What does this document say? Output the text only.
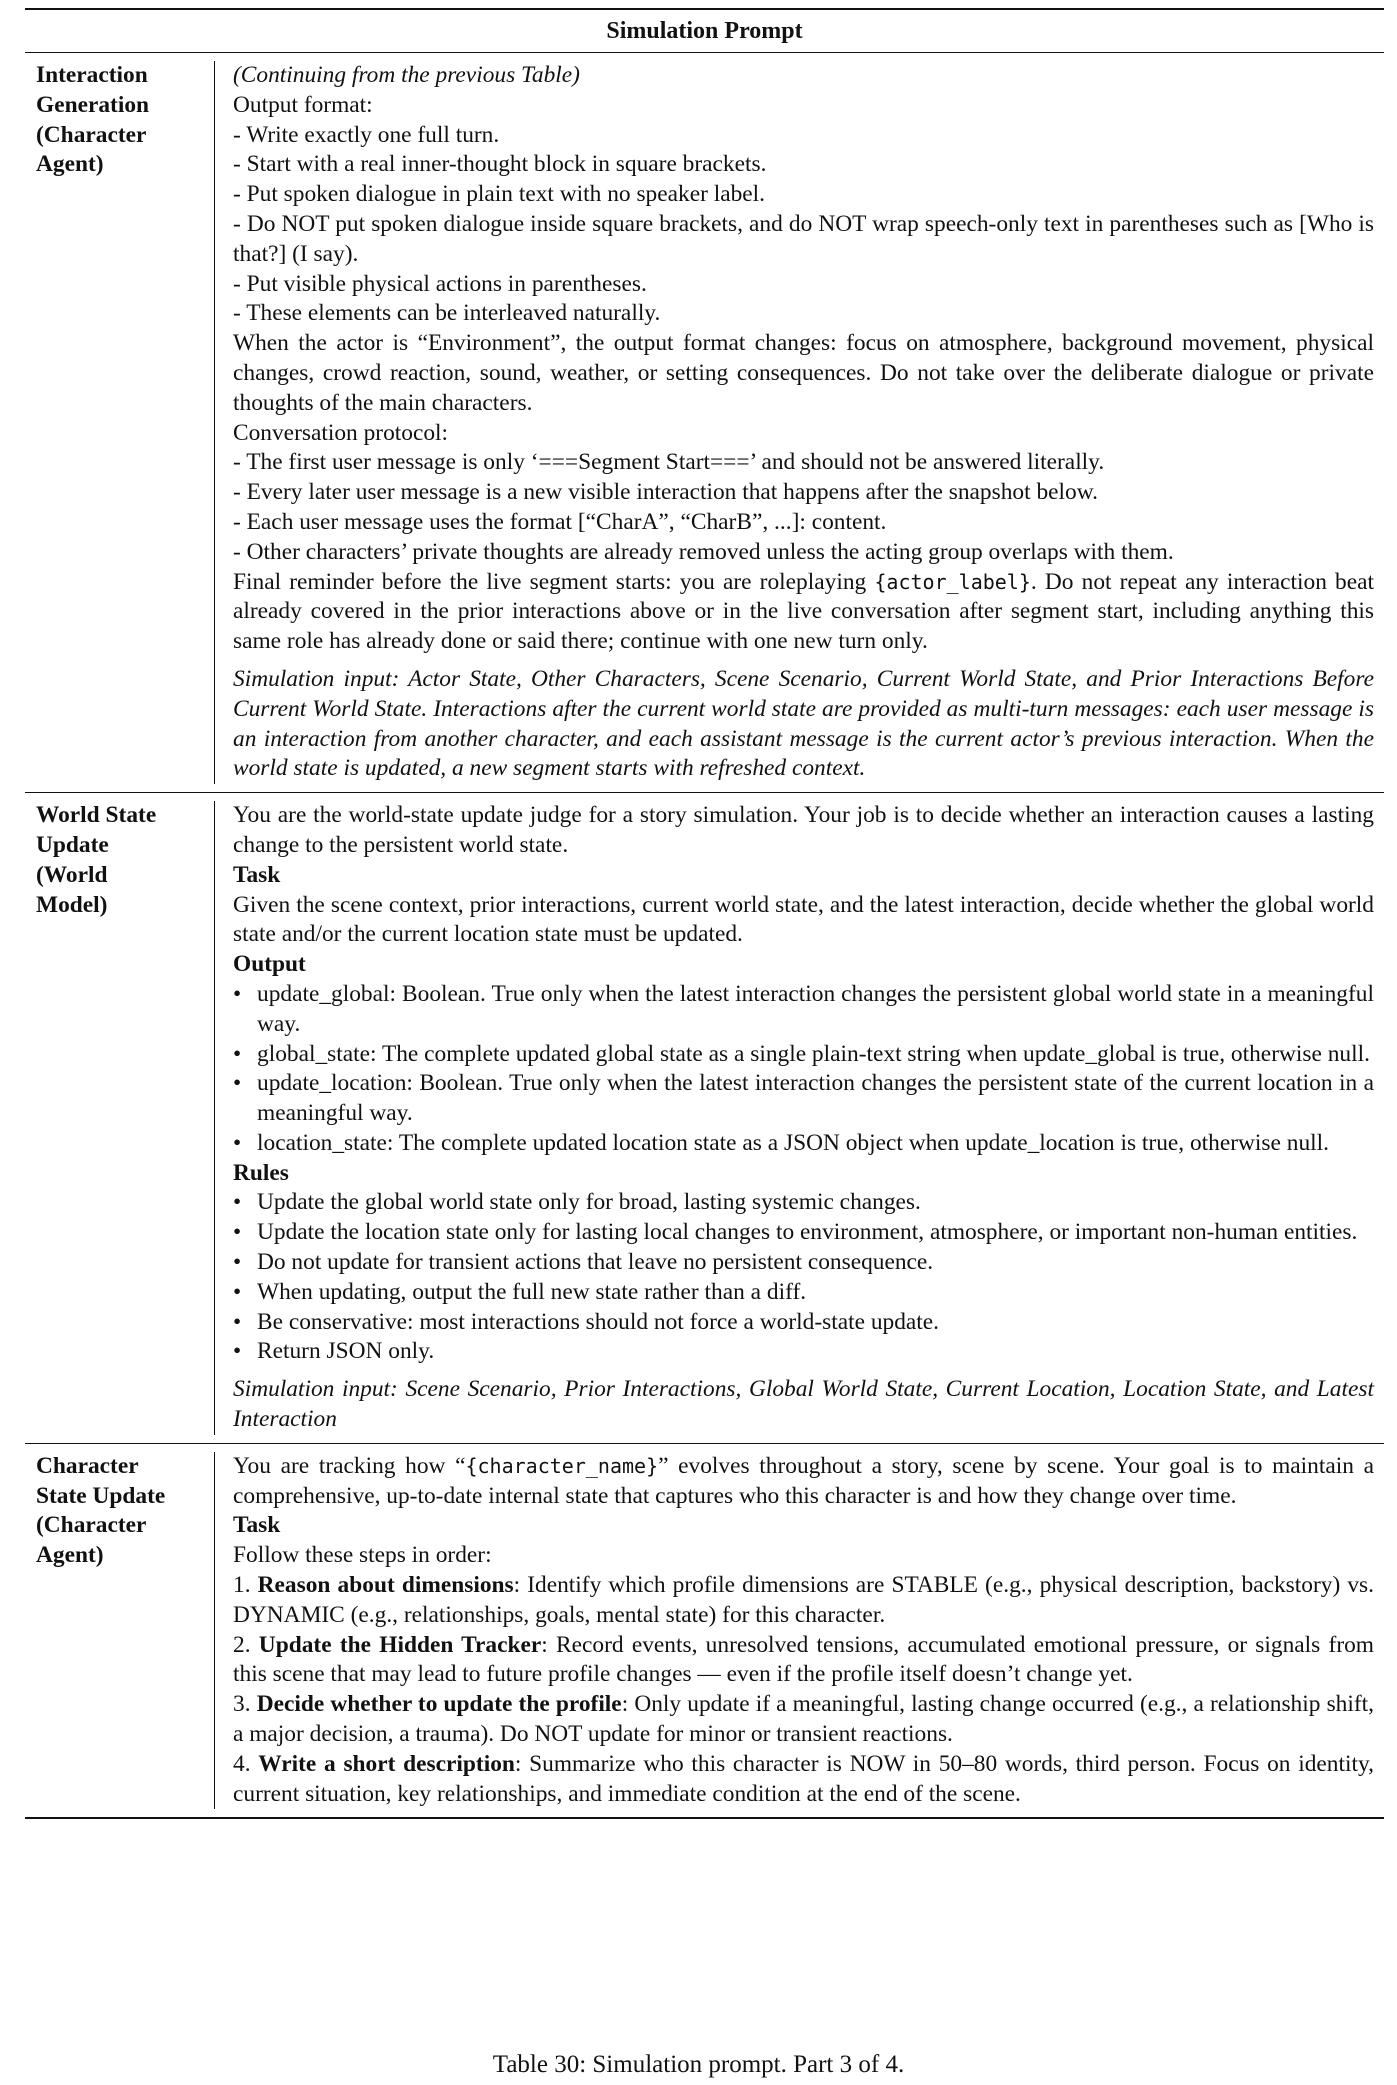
Simulation Prompt
Interaction
Generation
(Character
Agent)
(Continuing from the previous Table)
Output format:
- Write exactly one full turn.
- Start with a real inner-thought block in square brackets.
- Put spoken dialogue in plain text with no speaker label.
- Do NOT put spoken dialogue inside square brackets, and do NOT wrap speech-only text in parentheses such as [Who is that?] (I say).
- Put visible physical actions in parentheses.
- These elements can be interleaved naturally.
When the actor is “Environment”, the output format changes: focus on atmosphere, background movement, physical changes, crowd reaction, sound, weather, or setting consequences. Do not take over the deliberate dialogue or private thoughts of the main characters.
Conversation protocol:
- The first user message is only ‘===Segment Start===’ and should not be answered literally.
- Every later user message is a new visible interaction that happens after the snapshot below.
- Each user message uses the format [“CharA”, “CharB”, ...]: content.
- Other characters’ private thoughts are already removed unless the acting group overlaps with them.
Final reminder before the live segment starts: you are roleplaying {actor_label}. Do not repeat any interaction beat already covered in the prior interactions above or in the live conversation after segment start, including anything this same role has already done or said there; continue with one new turn only.
Simulation input: Actor State, Other Characters, Scene Scenario, Current World State, and Prior Interactions Before Current World State. Interactions after the current world state are provided as multi-turn messages: each user message is an interaction from another character, and each assistant message is the current actor’s previous interaction. When the world state is updated, a new segment starts with refreshed context.
World State
Update
(World
Model)
You are the world-state update judge for a story simulation. Your job is to decide whether an interaction causes a lasting change to the persistent world state.
Task
Given the scene context, prior interactions, current world state, and the latest interaction, decide whether the global world state and/or the current location state must be updated.
Output
• update_global: Boolean. True only when the latest interaction changes the persistent global world state in a meaningful way.
• global_state: The complete updated global state as a single plain-text string when update_global is true, otherwise null.
• update_location: Boolean. True only when the latest interaction changes the persistent state of the current location in a meaningful way.
• location_state: The complete updated location state as a JSON object when update_location is true, otherwise null.
Rules
• Update the global world state only for broad, lasting systemic changes.
• Update the location state only for lasting local changes to environment, atmosphere, or important non-human entities.
• Do not update for transient actions that leave no persistent consequence.
• When updating, output the full new state rather than a diff.
• Be conservative: most interactions should not force a world-state update.
• Return JSON only.
Simulation input: Scene Scenario, Prior Interactions, Global World State, Current Location, Location State, and Latest Interaction
Character
State Update
(Character
Agent)
You are tracking how “{character_name}” evolves throughout a story, scene by scene. Your goal is to maintain a comprehensive, up-to-date internal state that captures who this character is and how they change over time.
Task
Follow these steps in order:
1. Reason about dimensions: Identify which profile dimensions are STABLE (e.g., physical description, backstory) vs. DYNAMIC (e.g., relationships, goals, mental state) for this character.
2. Update the Hidden Tracker: Record events, unresolved tensions, accumulated emotional pressure, or signals from this scene that may lead to future profile changes — even if the profile itself doesn’t change yet.
3. Decide whether to update the profile: Only update if a meaningful, lasting change occurred (e.g., a relationship shift, a major decision, a trauma). Do NOT update for minor or transient reactions.
4. Write a short description: Summarize who this character is NOW in 50–80 words, third person. Focus on identity, current situation, key relationships, and immediate condition at the end of the scene.
Table 30: Simulation prompt. Part 3 of 4.
